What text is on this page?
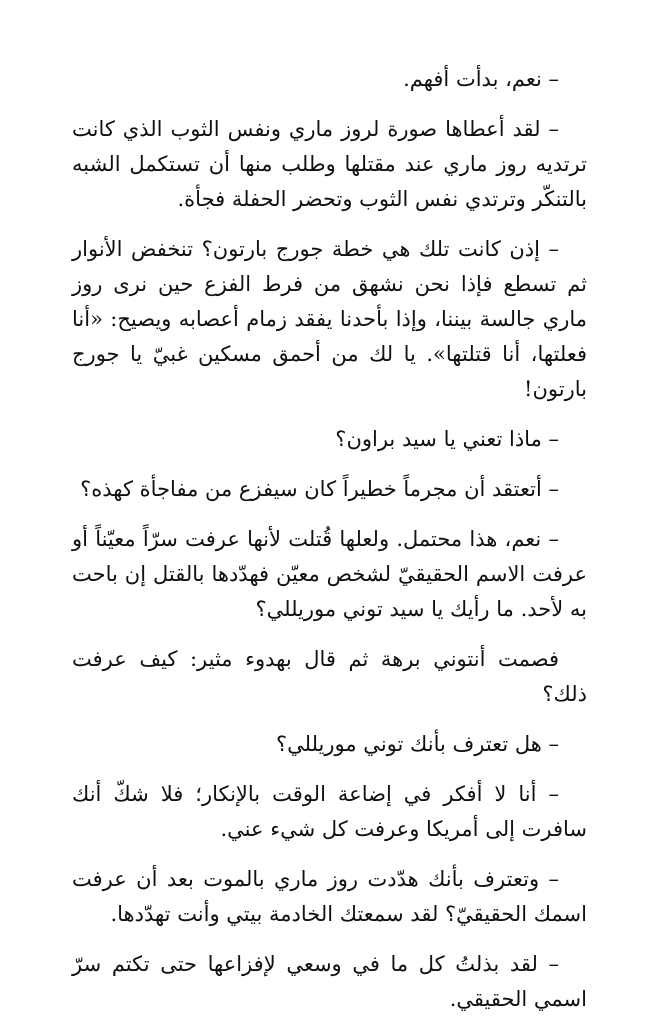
– نعم، بدأت أفهم.

– لقد أعطاها صورة لروز ماري ونفس الثوب الذي كانت ترتديه روز ماري عند مقتلها وطلب منها أن تستكمل الشبه بالتنكّر وترتدي نفس الثوب وتحضر الحفلة فجأة.

– إذن كانت تلك هي خطة جورج بارتون؟ تنخفض الأنوار ثم تسطع فإذا نحن نشهق من فرط الفزع حين نرى روز ماري جالسة بيننا، وإذا بأحدنا يفقد زمام أعصابه ويصيح: «أنا فعلتها، أنا قتلتها». يا لك من أحمق مسكين غبيّ يا جورج بارتون!

– ماذا تعني يا سيد براون؟

– أتعتقد أن مجرماً خطيراً كان سيفزع من مفاجأة كهذه؟

– نعم، هذا محتمل. ولعلها قُتلت لأنها عرفت سرّاً معيّناً أو عرفت الاسم الحقيقيّ لشخص معيّن فهدّدها بالقتل إن باحت به لأحد. ما رأيك يا سيد توني موريللي؟

فصمت أنتوني برهة ثم قال بهدوء مثير: كيف عرفت ذلك؟

– هل تعترف بأنك توني موريللي؟

– أنا لا أفكر في إضاعة الوقت بالإنكار؛ فلا شكّ أنك سافرت إلى أمريكا وعرفت كل شيء عني.

– وتعترف بأنك هدّدت روز ماري بالموت بعد أن عرفت اسمك الحقيقيّ؟ لقد سمعتك الخادمة بيتي وأنت تهدّدها.

– لقد بذلتُ كل ما في وسعي لإفزاعها حتى تكتم سرّ اسمي الحقيقي.
